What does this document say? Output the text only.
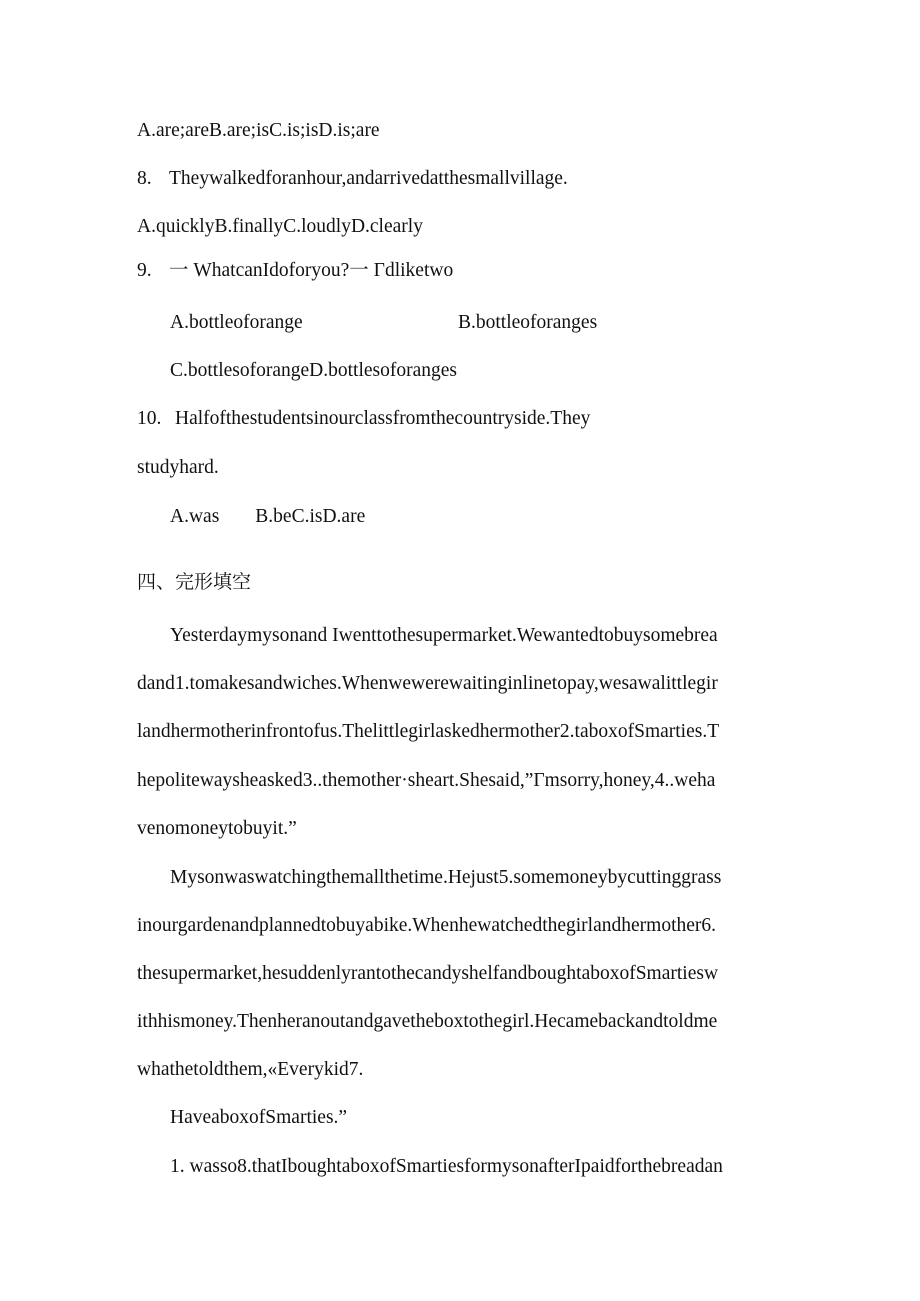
A.are;areB.are;isC.is;isD.is;are
8. Theywalkedforanhour,andarrivedatthesmallvillage.
A.quicklyB.finallyC.loudlyD.clearly
9. 一 WhatcanIdoforyou?一 Γdliketwo
A.bottleoforange	B.bottleoforanges
C.bottlesoforangeD.bottlesoforanges
10. Halfofthestudentsinourclassfromthecountryside.They
studyhard.
A.was B.beC.isD.are
四、完形填空
Yesterdaymysonand Iwenttothesupermarket.Wewantedtobuysomebrea
dand1.tomakesandwiches.Whenwewerewaitinginlinetopay,wesawalittlegir
landhermotherinfrontofus.Thelittlegirlaskedhermother2.taboxofSmarties.T
hepolitewaysheasked3..themother·sheart.Shesaid,”Γmsorry,honey,4..weha
venomoneytobuyit.”
Mysonwaswatchingthemallthetime.Hejust5.somemoneybycuttinggrass
inourgardenandplannedtobuyabike.Whenhewatchedthegirlandhermother6.
thesupermarket,hesuddenlyrantothecandyshelfandboughtaboxofSmartiesw
ithhismoney.Thenheranoutandgavetheboxtothegirl.Hecamebackandtoldme
whathetoldthem,«Everykid7.
HaveaboxofSmarties.”
1. wasso8.thatIboughtaboxofSmartiesformysonafterIpaidforthebreadan
